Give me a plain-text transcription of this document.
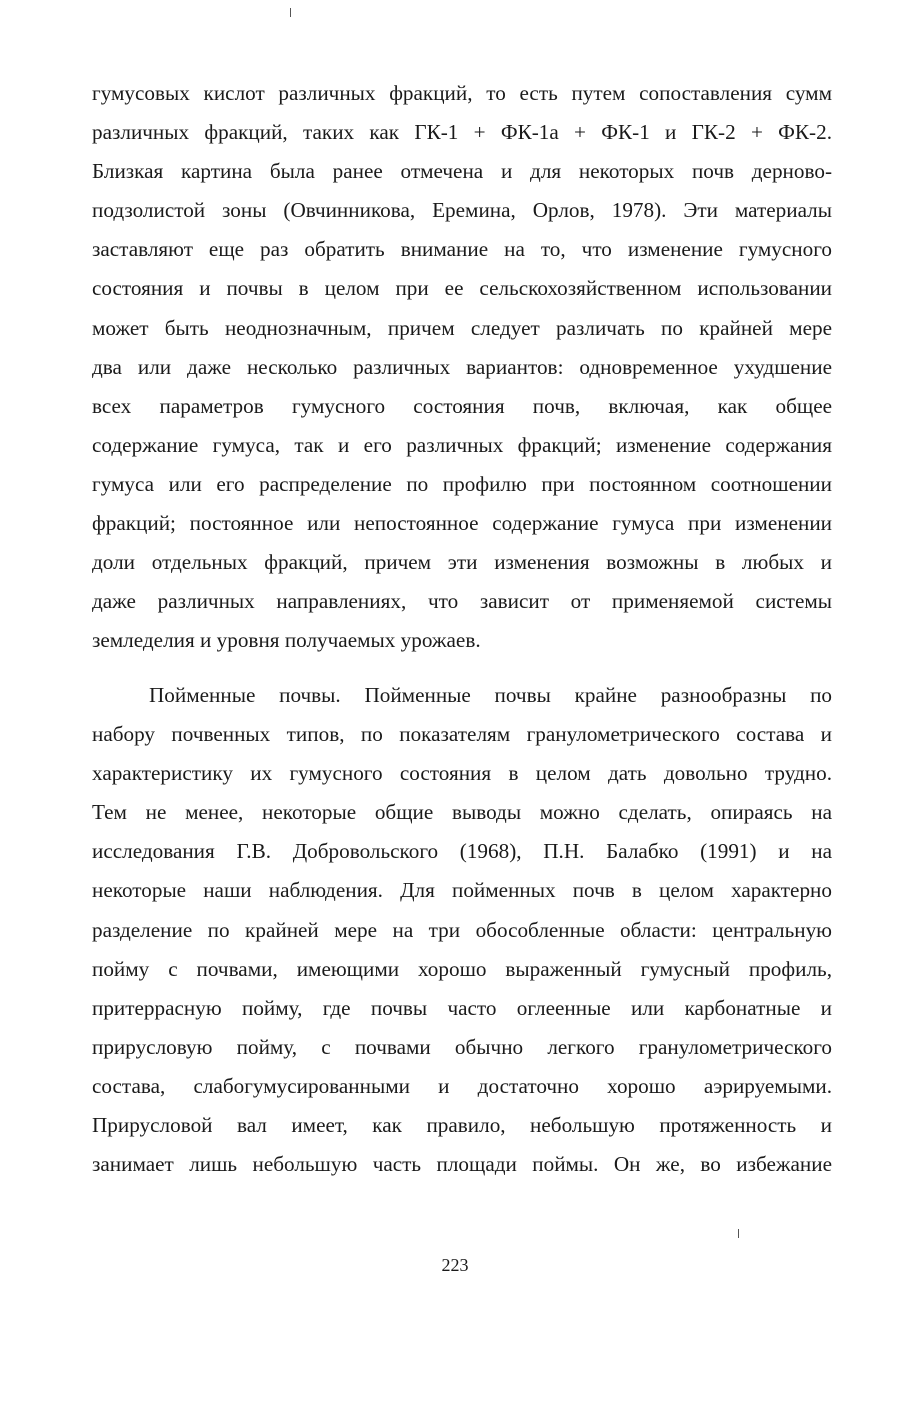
гумусовых кислот различных фракций, то есть путем сопоставления сумм
различных фракций, таких как ГК-1 + ФК-1а + ФК-1 и ГК-2 + ФК-2.
Близкая картина была ранее отмечена и для некоторых почв дерново-
подзолистой зоны (Овчинникова, Еремина, Орлов, 1978). Эти материалы
заставляют еще раз обратить внимание на то, что изменение гумусного
состояния и почвы в целом при ее сельскохозяйственном использовании
может быть неоднозначным, причем следует различать по крайней мере
два или даже несколько различных вариантов: одновременное ухудшение
всех параметров гумусного состояния почв, включая, как общее
содержание гумуса, так и его различных фракций; изменение содержания
гумуса или его распределение по профилю при постоянном соотношении
фракций; постоянное или непостоянное содержание гумуса при изменении
доли отдельных фракций, причем эти изменения возможны в любых и
даже различных направлениях, что зависит от применяемой системы
земледелия и уровня получаемых урожаев.
Пойменные почвы. Пойменные почвы крайне разнообразны по
набору почвенных типов, по показателям гранулометрического состава и
характеристику их гумусного состояния в целом дать довольно трудно.
Тем не менее, некоторые общие выводы можно сделать, опираясь на
исследования Г.В. Добровольского (1968), П.Н. Балабко (1991) и на
некоторые наши наблюдения. Для пойменных почв в целом характерно
разделение по крайней мере на три обособленные области: центральную
пойму с почвами, имеющими хорошо выраженный гумусный профиль,
притеррасную пойму, где почвы часто оглеенные или карбонатные и
прирусловую пойму, с почвами обычно легкого гранулометрического
состава, слабогумусированными и достаточно хорошо аэрируемыми.
Прирусловой вал имеет, как правило, небольшую протяженность и
занимает лишь небольшую часть площади поймы. Он же, во избежание
223
